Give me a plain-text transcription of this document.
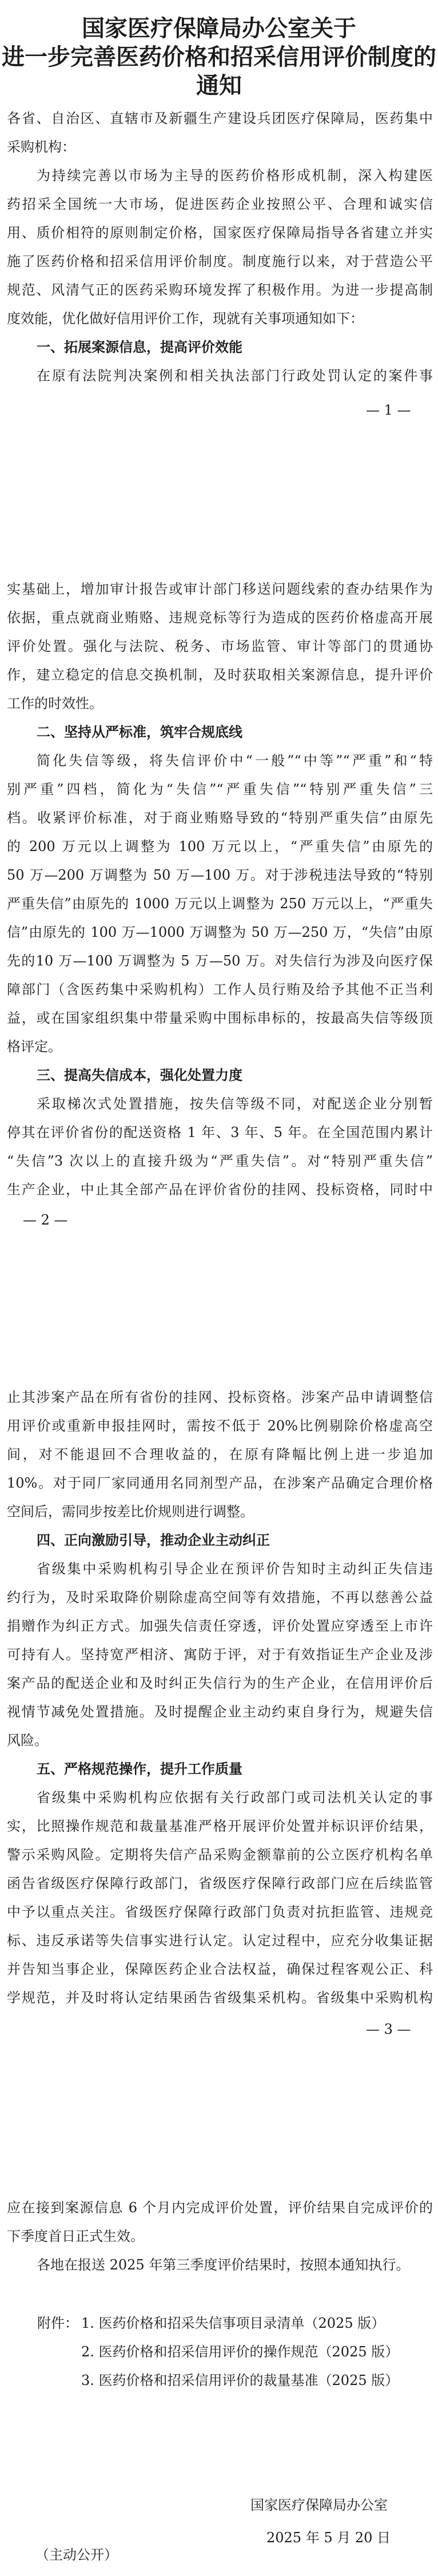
国家医疗保障局办公室关于
进一步完善医药价格和招采信用评价制度的通知
各省、自治区、直辖市及新疆生产建设兵团医疗保障局，医药集中
采购机构：
为持续完善以市场为主导的医药价格形成机制，深入构建医
药招采全国统一大市场，促进医药企业按照公平、合理和诚实信
用、质价相符的原则制定价格，国家医疗保障局指导各省建立并实
施了医药价格和招采信用评价制度。制度施行以来，对于营造公平
规范、风清气正的医药采购环境发挥了积极作用。为进一步提高制
度效能，优化做好信用评价工作，现就有关事项通知如下：
一、拓展案源信息，提高评价效能
在原有法院判决案例和相关执法部门行政处罚认定的案件事
— 1 —
实基础上，增加审计报告或审计部门移送问题线索的查办结果作为
依据，重点就商业贿赂、违规竞标等行为造成的医药价格虚高开展
评价处置。强化与法院、税务、市场监管、审计等部门的贯通协
作，建立稳定的信息交换机制，及时获取相关案源信息，提升评价
工作的时效性。
二、坚持从严标准，筑牢合规底线
简化失信等级，将失信评价中“一般”“中等”“严重”和“特
别严重”四档，简化为“失信”“严重失信”“特别严重失信”三
档。收紧评价标准，对于商业贿赂导致的“特别严重失信”由原先
的 200 万元以上调整为 100 万元以上，“严重失信”由原先的
50 万—200 万调整为 50 万—100 万。对于涉税违法导致的“特别
严重失信”由原先的 1000 万元以上调整为 250 万元以上，“严重失
信”由原先的 100 万—1000 万调整为 50 万—250 万，“失信”由原
先的10 万—100 万调整为 5 万—50 万。对失信行为涉及向医疗保
障部门（含医药集中采购机构）工作人员行贿及给予其他不正当利
益，或在国家组织集中带量采购中围标串标的，按最高失信等级顶
格评定。
三、提高失信成本，强化处置力度
采取梯次式处置措施，按失信等级不同，对配送企业分别暂
停其在评价省份的配送资格 1 年、3 年、5 年。在全国范围内累计
“失信”3 次以上的直接升级为“严重失信”。对“特别严重失信”
生产企业，中止其全部产品在评价省份的挂网、投标资格，同时中
— 2 —
止其涉案产品在所有省份的挂网、投标资格。涉案产品申请调整信
用评价或重新申报挂网时，需按不低于 20%比例剔除价格虚高空
间，对不能退回不合理收益的，在原有降幅比例上进一步追加
10%。对于同厂家同通用名同剂型产品，在涉案产品确定合理价格
空间后，需同步按差比价规则进行调整。
四、正向激励引导，推动企业主动纠正
省级集中采购机构引导企业在预评价告知时主动纠正失信违
约行为，及时采取降价剔除虚高空间等有效措施，不再以慈善公益
捐赠作为纠正方式。加强失信责任穿透，评价处置应穿透至上市许
可持有人。坚持宽严相济、寓防于评，对于有效指证生产企业及涉
案产品的配送企业和及时纠正失信行为的生产企业，在信用评价后
视情节减免处置措施。及时提醒企业主动约束自身行为，规避失信
风险。
五、严格规范操作，提升工作质量
省级集中采购机构应依据有关行政部门或司法机关认定的事
实，比照操作规范和裁量基准严格开展评价处置并标识评价结果，
警示采购风险。定期将失信产品采购金额靠前的公立医疗机构名单
函告省级医疗保障行政部门，省级医疗保障行政部门应在后续监管
中予以重点关注。省级医疗保障行政部门负责对抗拒监管、违规竞
标、违反承诺等失信事实进行认定。认定过程中，应充分收集证据
并告知当事企业，保障医药企业合法权益，确保过程客观公正、科
学规范，并及时将认定结果函告省级集采机构。省级集中采购机构
— 3 —
应在接到案源信息 6 个月内完成评价处置，评价结果自完成评价的
下季度首日正式生效。
各地在报送 2025 年第三季度评价结果时，按照本通知执行。
附件： 1. 医药价格和招采失信事项目录清单（2025 版）
2. 医药价格和招采信用评价的操作规范（2025 版）
3. 医药价格和招采信用评价的裁量基准（2025 版）
国家医疗保障局办公室
2025 年 5 月 20 日
（主动公开）
